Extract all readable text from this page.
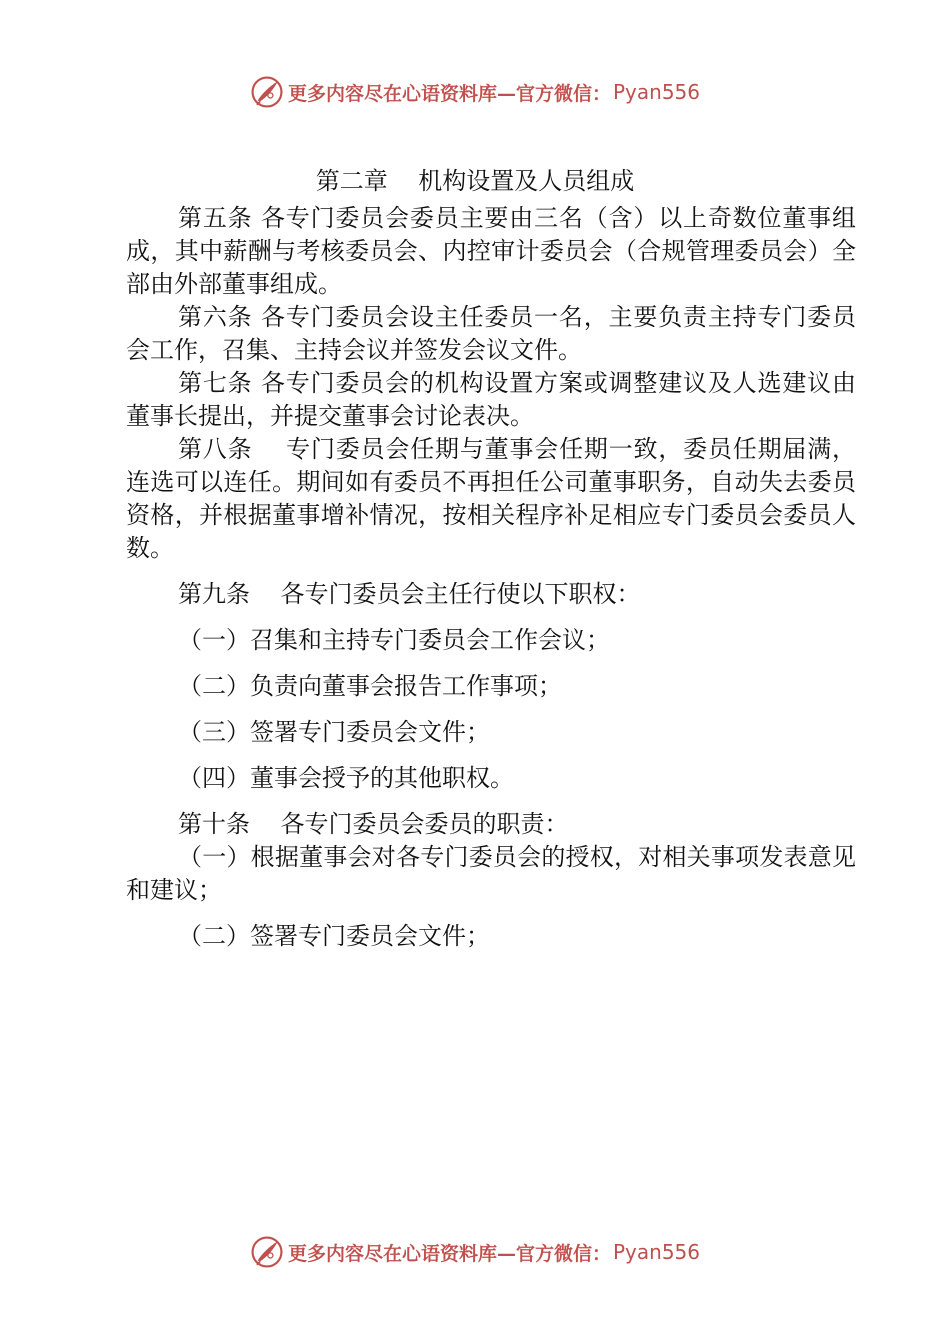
更多内容尽在心语资料库—官方微信： Pyan556
第二章    机构设置及人员组成

第五条 各专门委员会委员主要由三名（含）以上奇数位董事组成，其中薪酬与考核委员会、内控审计委员会（合规管理委员会）全部由外部董事组成。

第六条 各专门委员会设主任委员一名，主要负责主持专门委员会工作，召集、主持会议并签发会议文件。

第七条 各专门委员会的机构设置方案或调整建议及人选建议由董事长提出，并提交董事会讨论表决。

第八条    专门委员会任期与董事会任期一致，委员任期届满， 连选可以连任。期间如有委员不再担任公司董事职务，自动失去委员资格，并根据董事增补情况，按相关程序补足相应专门委员会委员人数。

第九条    各专门委员会主任行使以下职权：

（一）召集和主持专门委员会工作会议；

（二）负责向董事会报告工作事项；

（三）签署专门委员会文件；

（四）董事会授予的其他职权。

第十条    各专门委员会委员的职责：

（一）根据董事会对各专门委员会的授权，对相关事项发表意见和建议；

（二）签署专门委员会文件；

更多内容尽在心语资料库—官方微信： Pyan556
